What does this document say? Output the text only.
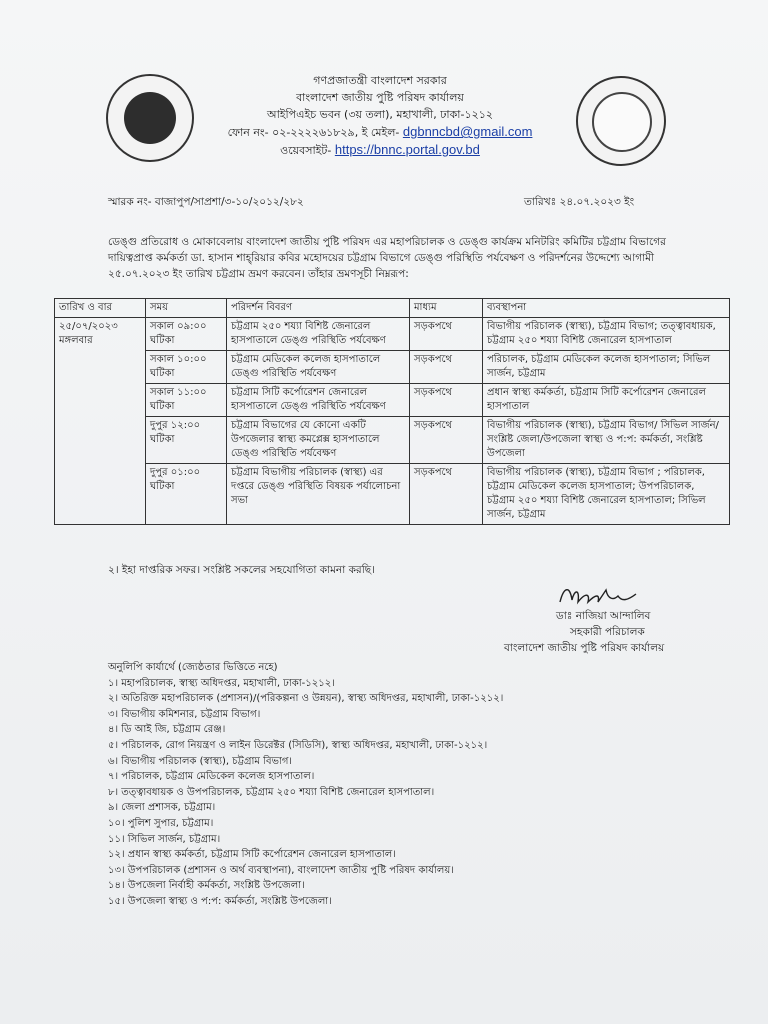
গণপ্রজাতন্ত্রী বাংলাদেশ সরকার
বাংলাদেশ জাতীয় পুষ্টি পরিষদ কার্যালয়
আইপিএইচ ভবন (৩য় তলা), মহাখালী, ঢাকা-১২১২
ফোন নং- ০২-২২২২৬১৮২৯, ই মেইল- dgbnncbd@gmail.com
ওয়েবসাইট- https://bnnc.portal.gov.bd
স্মারক নং- বাজাপুপ/সাপ্রশা/৩-১০/২০১২/২৮২	তারিখঃ ২৪.০৭.২০২৩ ইং
ডেঙ্গু প্রতিরোধ ও মোকাবেলায় বাংলাদেশ জাতীয় পুষ্টি পরিষদ এর মহাপরিচালক ও ডেঙ্গু কার্যক্রম মনিটরিং কমিটির চট্টগ্রাম বিভাগের দায়িত্বপ্রাপ্ত কর্মকর্তা ডা. হাসান শাহ্‌রিয়ার কবির মহোদয়ের চট্টগ্রাম বিভাগে ডেঙ্গু পরিস্থিতি পর্যবেক্ষণ ও পরিদর্শনের উদ্দেশ্যে আগামী ২৫.০৭.২০২৩ ইং তারিখ চট্টগ্রাম ভ্রমণ করবেন। তাঁহার ভ্রমণসূচী নিম্নরূপ:
তারিখ ও বার	সময়	পরিদর্শন বিবরণ	মাধ্যম	ব্যবস্থাপনা

২৫/০৭/২০২৩
মঙ্গলবার	সকাল ০৯:০০ ঘটিকা	চট্টগ্রাম ২৫০ শয্যা বিশিষ্ট জেনারেল হাসপাতালে ডেঙ্গু পরিস্থিতি পর্যবেক্ষণ	সড়কপথে	বিভাগীয় পরিচালক (স্বাস্থ্য), চট্টগ্রাম বিভাগ; তত্ত্বাবধায়ক, চট্টগ্রাম ২৫০ শয্যা বিশিষ্ট জেনারেল হাসপাতাল
	সকাল ১০:০০ ঘটিকা	চট্টগ্রাম মেডিকেল কলেজ হাসপাতালে ডেঙ্গু পরিস্থিতি পর্যবেক্ষণ	সড়কপথে	পরিচালক, চট্টগ্রাম মেডিকেল কলেজ হাসপাতাল; সিভিল সার্জন, চট্টগ্রাম
	সকাল ১১:০০ ঘটিকা	চট্টগ্রাম সিটি কর্পোরেশন জেনারেল হাসপাতালে ডেঙ্গু পরিস্থিতি পর্যবেক্ষণ	সড়কপথে	প্রধান স্বাস্থ্য কর্মকর্তা, চট্টগ্রাম সিটি কর্পোরেশন জেনারেল হাসপাতাল
	দুপুর ১২:০০ ঘটিকা	চট্টগ্রাম বিভাগের যে কোনো একটি উপজেলার স্বাস্থ্য কমপ্লেক্স হাসপাতালে ডেঙ্গু পরিস্থিতি পর্যবেক্ষণ	সড়কপথে	বিভাগীয় পরিচালক (স্বাস্থ্য), চট্টগ্রাম বিভাগ/ সিভিল সার্জন/ সংশ্লিষ্ট জেলা/উপজেলা স্বাস্থ্য ও প:প: কর্মকর্তা, সংশ্লিষ্ট উপজেলা
	দুপুর ০১:০০ ঘটিকা	চট্টগ্রাম বিভাগীয় পরিচালক (স্বাস্থ্য) এর দপ্তরে ডেঙ্গু পরিস্থিতি বিষয়ক পর্যালোচনা সভা	সড়কপথে	বিভাগীয় পরিচালক (স্বাস্থ্য), চট্টগ্রাম বিভাগ ; পরিচালক, চট্টগ্রাম মেডিকেল কলেজ হাসপাতাল; উপপরিচালক, চট্টগ্রাম ২৫০ শয্যা বিশিষ্ট জেনারেল হাসপাতাল; সিভিল সার্জন, চট্টগ্রাম
২। ইহা দাপ্তরিক সফর। সংশ্লিষ্ট সকলের সহযোগিতা কামনা করছি।
ডাঃ নাজিয়া আন্দালিব
সহকারী পরিচালক
বাংলাদেশ জাতীয় পুষ্টি পরিষদ কার্যালয়
অনুলিপি কার্যার্থে (জ্যেষ্ঠতার ভিত্তিতে নহে)
১। মহাপরিচালক, স্বাস্থ্য অধিদপ্তর, মহাখালী, ঢাকা-১২১২।
২। অতিরিক্ত মহাপরিচালক (প্রশাসন)/(পরিকল্পনা ও উন্নয়ন), স্বাস্থ্য অধিদপ্তর, মহাখালী, ঢাকা-১২১২।
৩। বিভাগীয় কমিশনার, চট্টগ্রাম বিভাগ।
৪। ডি আই জি, চট্টগ্রাম রেঞ্জ।
৫। পরিচালক, রোগ নিয়ন্ত্রণ ও লাইন ডিরেক্টর (সিডিসি), স্বাস্থ্য অধিদপ্তর, মহাখালী, ঢাকা-১২১২।
৬। বিভাগীয় পরিচালক (স্বাস্থ্য), চট্টগ্রাম বিভাগ।
৭। পরিচালক, চট্টগ্রাম মেডিকেল কলেজ হাসপাতাল।
৮। তত্ত্বাবধায়ক ও উপপরিচালক, চট্টগ্রাম ২৫০ শয্যা বিশিষ্ট জেনারেল হাসপাতাল।
৯। জেলা প্রশাসক, চট্টগ্রাম।
১০। পুলিশ সুপার, চট্টগ্রাম।
১১। সিভিল সার্জন, চট্টগ্রাম।
১২। প্রধান স্বাস্থ্য কর্মকর্তা, চট্টগ্রাম সিটি কর্পোরেশন জেনারেল হাসপাতাল।
১৩। উপপরিচালক (প্রশাসন ও অর্থ ব্যবস্থাপনা), বাংলাদেশ জাতীয় পুষ্টি পরিষদ কার্যালয়।
১৪। উপজেলা নির্বাহী কর্মকর্তা, সংশ্লিষ্ট উপজেলা।
১৫। উপজেলা স্বাস্থ্য ও প:প: কর্মকর্তা, সংশ্লিষ্ট উপজেলা।
